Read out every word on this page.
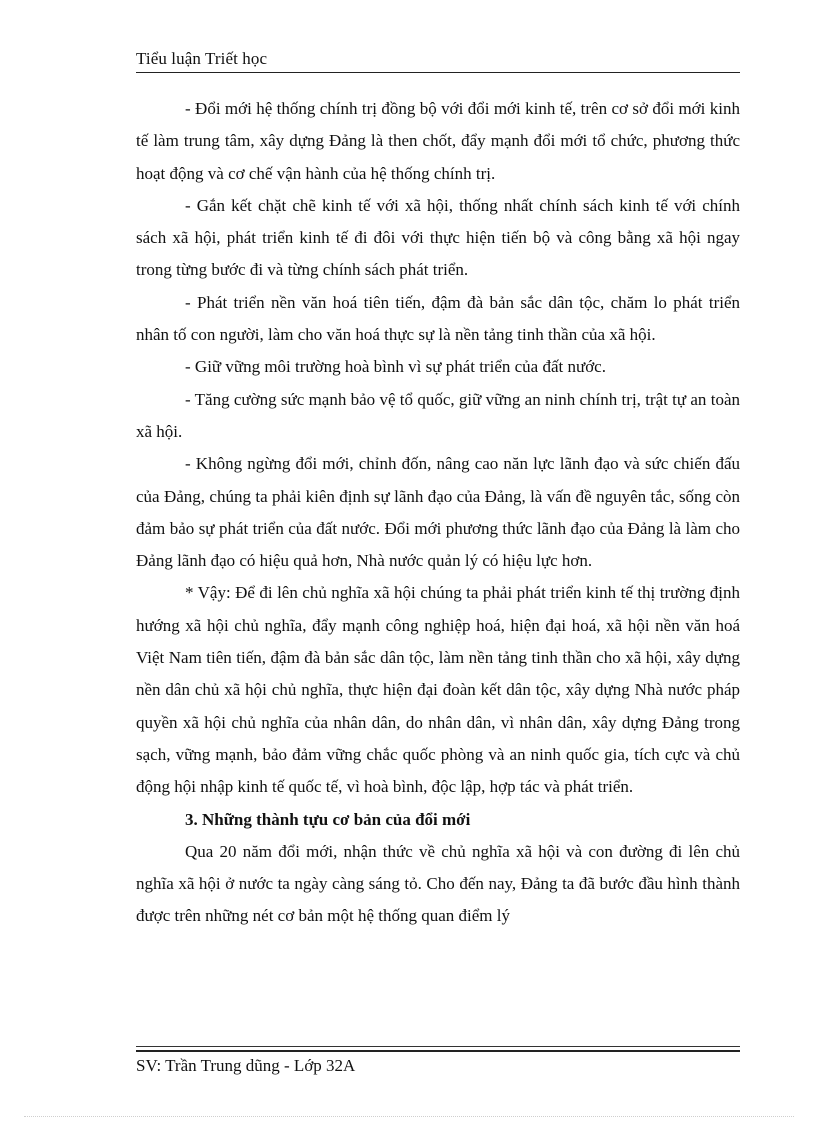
Tiểu luận Triết học

- Đổi mới hệ thống chính trị đồng bộ với đổi mới kinh tế, trên cơ sở đổi mới kinh tế làm trung tâm, xây dựng Đảng là then chốt, đẩy mạnh đổi mới tổ chức, phương thức hoạt động và cơ chế vận hành của hệ thống chính trị.

- Gắn kết chặt chẽ kinh tế với xã hội, thống nhất chính sách kinh tế với chính sách xã hội, phát triển kinh tế đi đôi với thực hiện tiến bộ và công bằng xã hội ngay trong từng bước đi và từng chính sách phát triển.

- Phát triển nền văn hoá tiên tiến, đậm đà bản sắc dân tộc, chăm lo phát triển nhân tố con người, làm cho văn hoá thực sự là nền tảng tinh thần của xã hội.

- Giữ vững môi trường hoà bình vì sự phát triển của đất nước.

- Tăng cường sức mạnh bảo vệ tổ quốc, giữ vững an ninh chính trị, trật tự an toàn xã hội.

- Không ngừng đổi mới, chỉnh đốn, nâng cao năn lực lãnh đạo và sức chiến đấu của Đảng, chúng ta phải kiên định sự lãnh đạo của Đảng, là vấn đề nguyên tắc, sống còn đảm bảo sự phát triển của đất nước. Đổi mới phương thức lãnh đạo của Đảng là làm cho Đảng lãnh đạo có hiệu quả hơn, Nhà nước quản lý có hiệu lực hơn.

* Vậy: Để đi lên chủ nghĩa xã hội chúng ta phải phát triển kinh tế thị trường định hướng xã hội chủ nghĩa, đẩy mạnh công nghiệp hoá, hiện đại hoá, xã hội nền văn hoá Việt Nam tiên tiến, đậm đà bản sắc dân tộc, làm nền tảng tinh thần cho xã hội, xây dựng nền dân chủ xã hội chủ nghĩa, thực hiện đại đoàn kết dân tộc, xây dựng Nhà nước pháp quyền xã hội chủ nghĩa của nhân dân, do nhân dân, vì nhân dân, xây dựng Đảng trong sạch, vững mạnh, bảo đảm vững chắc quốc phòng và an ninh quốc gia, tích cực và chủ động hội nhập kinh tế quốc tế, vì hoà bình, độc lập, hợp tác và phát triển.

3. Những thành tựu cơ bản của đổi mới

Qua 20 năm đổi mới, nhận thức về chủ nghĩa xã hội và con đường đi lên chủ nghĩa xã hội ở nước ta ngày càng sáng tỏ. Cho đến nay, Đảng ta đã bước đầu hình thành được trên những nét cơ bản một hệ thống quan điểm lý

SV: Trần Trung dũng - Lớp 32A
